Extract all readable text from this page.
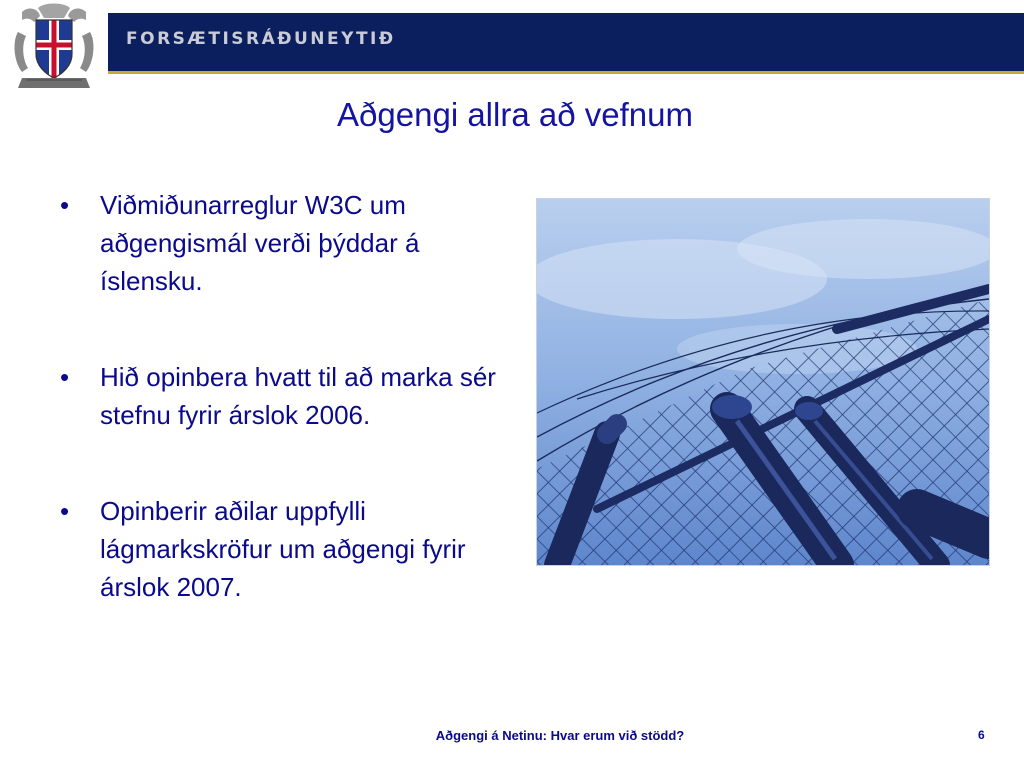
FORSÆTISRÁÐUNEYTIÐ
Aðgengi allra að vefnum
• Viðmiðunarreglur W3C um aðgengismál verði þýddar á íslensku.
• Hið opinbera hvatt til að marka sér stefnu fyrir árslok 2006.
• Opinberir aðilar uppfylli lágmarkskröfur um aðgengi fyrir árslok 2007.
Aðgengi á Netinu: Hvar erum við stödd?	6
